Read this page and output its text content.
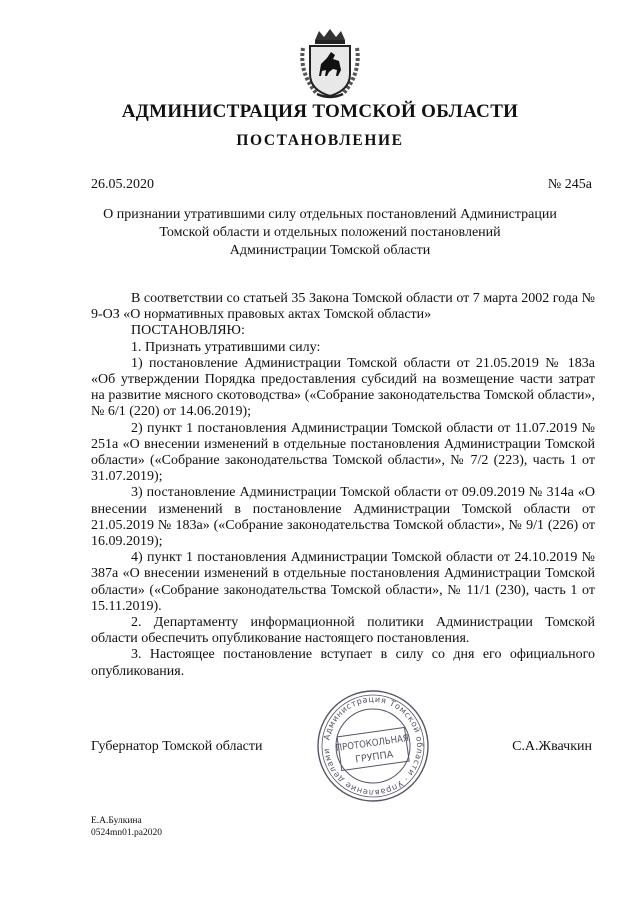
АДМИНИСТРАЦИЯ ТОМСКОЙ ОБЛАСТИ
ПОСТАНОВЛЕНИЕ
26.05.2020	№ 245а
О признании утратившими силу отдельных постановлений Администрации
Томской области и отдельных положений постановлений
Администрации Томской области

В соответствии со статьей 35 Закона Томской области от 7 марта 2002 года № 9-ОЗ «О нормативных правовых актах Томской области»

ПОСТАНОВЛЯЮ:

1. Признать утратившими силу:

1) постановление Администрации Томской области от 21.05.2019 № 183а «Об утверждении Порядка предоставления субсидий на возмещение части затрат на развитие мясного скотоводства» («Собрание законодательства Томской области», № 6/1 (220) от 14.06.2019);

2) пункт 1 постановления Администрации Томской области от 11.07.2019 № 251а «О внесении изменений в отдельные постановления Администрации Томской области» («Собрание законодательства Томской области», № 7/2 (223), часть 1 от 31.07.2019);

3) постановление Администрации Томской области от 09.09.2019 № 314а «О внесении изменений в постановление Администрации Томской области от 21.05.2019 № 183а» («Собрание законодательства Томской области», № 9/1 (226) от 16.09.2019);

4) пункт 1 постановления Администрации Томской области от 24.10.2019 № 387а «О внесении изменений в отдельные постановления Администрации Томской области» («Собрание законодательства Томской области», № 11/1 (230), часть 1 от 15.11.2019).

2. Департаменту информационной политики Администрации Томской области обеспечить опубликование настоящего постановления.

3. Настоящее постановление вступает в силу со дня его официального опубликования.

Губернатор Томской области	С.А.Жвачкин
Администрация Томской области · Управление делами ПРОТОКОЛЬНАЯ
ГРУППА
Е.А.Булкина
0524mn01.pa2020
